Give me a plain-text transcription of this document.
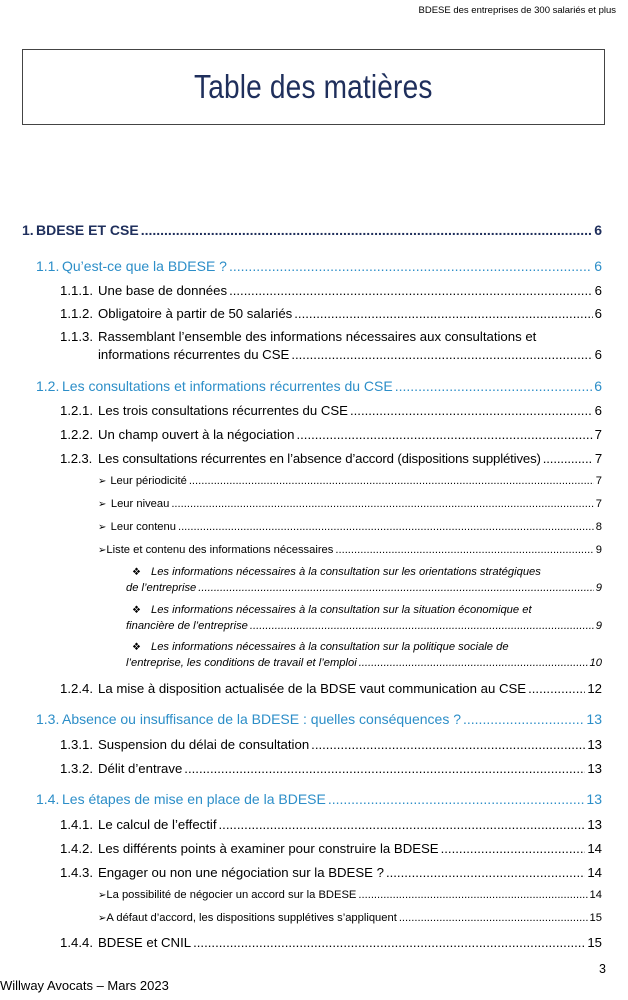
BDESE des entreprises de 300 salariés et plus
Table des matières
1. BDESE ET CSE .....	6
1.1. Qu’est-ce que la BDESE ? .....	6
1.1.1. Une base de données .....	6
1.1.2. Obligatoire à partir de 50 salariés .....	6
1.1.3. Rassemblant l’ensemble des informations nécessaires aux consultations et
informations récurrentes du CSE .....	6
1.2. Les consultations et informations récurrentes du CSE .....	6
1.2.1. Les trois consultations récurrentes du CSE .....	6
1.2.2. Un champ ouvert à la négociation .....	7
1.2.3. Les consultations récurrentes en l’absence d’accord (dispositions supplétives) .....	7
➢ Leur périodicité .....	7
➢ Leur niveau .....	7
➢ Leur contenu .....	8
➢ Liste et contenu des informations nécessaires .....	9
❖ Les informations nécessaires à la consultation sur les orientations stratégiques
de l’entreprise .....	9
❖ Les informations nécessaires à la consultation sur la situation économique et
financière de l’entreprise .....	9
❖ Les informations nécessaires à la consultation sur la politique sociale de
l’entreprise, les conditions de travail et l’emploi .....	10
1.2.4. La mise à disposition actualisée de la BDSE vaut communication au CSE .....	12
1.3. Absence ou insuffisance de la BDESE : quelles conséquences ? .....	13
1.3.1. Suspension du délai de consultation .....	13
1.3.2. Délit d’entrave .....	13
1.4. Les étapes de mise en place de la BDESE .....	13
1.4.1. Le calcul de l’effectif .....	13
1.4.2. Les différents points à examiner pour construire la BDESE .....	14
1.4.3. Engager ou non une négociation sur la BDESE ? .....	14
➢ La possibilité de négocier un accord sur la BDESE .....	14
➢ A défaut d’accord, les dispositions supplétives s’appliquent .....	15
1.4.4. BDESE et CNIL .....	15
3
Willway Avocats – Mars 2023
